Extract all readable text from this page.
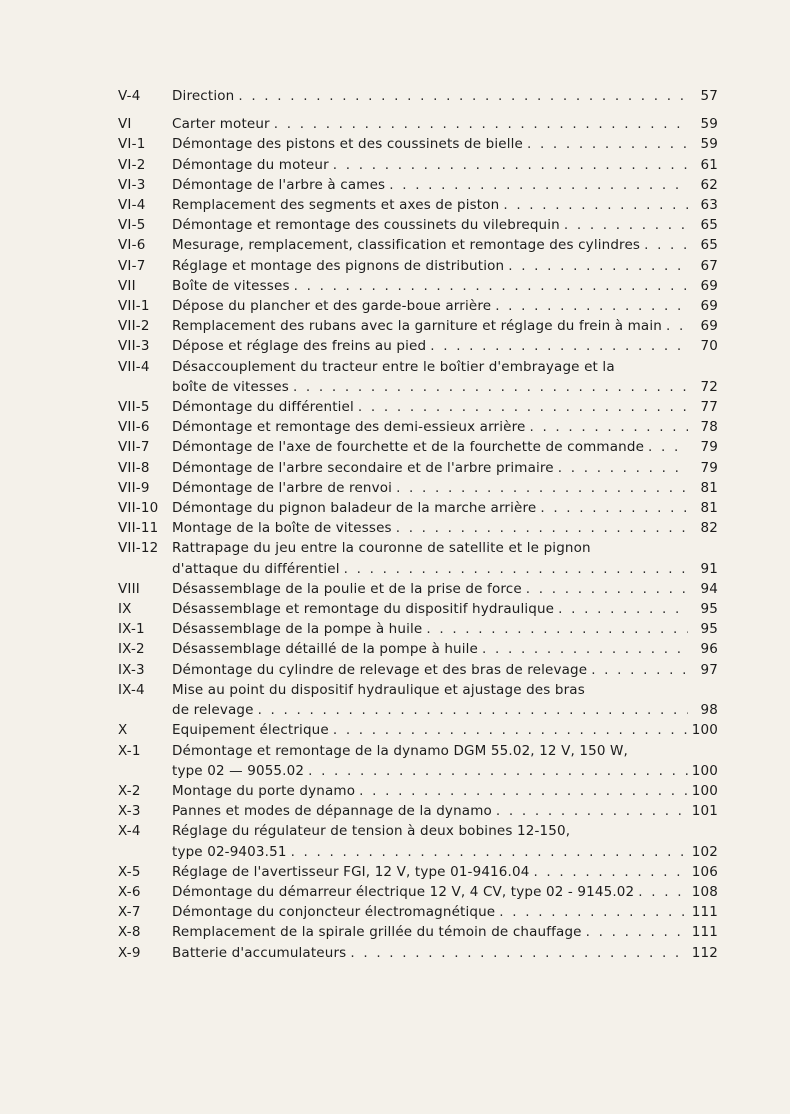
V-4	Direction . . .	57
VI	Carter moteur . . .	59
VI-1	Démontage des pistons et des coussinets de bielle . . .	59
VI-2	Démontage du moteur . . .	61
VI-3	Démontage de l'arbre à cames . . .	62
VI-4	Remplacement des segments et axes de piston . . .	63
VI-5	Démontage et remontage des coussinets du vilebrequin . . .	65
VI-6	Mesurage, remplacement, classification et remontage des cylindres . . .	65
VI-7	Réglage et montage des pignons de distribution . . .	67
VII	Boîte de vitesses . . .	69
VII-1	Dépose du plancher et des garde-boue arrière . . .	69
VII-2	Remplacement des rubans avec la garniture et réglage du frein à main . . .	69
VII-3	Dépose et réglage des freins au pied . . .	70
VII-4	Désaccouplement du tracteur entre le boîtier d'embrayage et la
boîte de vitesses . . .	72
VII-5	Démontage du différentiel . . .	77
VII-6	Démontage et remontage des demi-essieux arrière . . .	78
VII-7	Démontage de l'axe de fourchette et de la fourchette de commande . . .	79
VII-8	Démontage de l'arbre secondaire et de l'arbre primaire . . .	79
VII-9	Démontage de l'arbre de renvoi . . .	81
VII-10	Démontage du pignon baladeur de la marche arrière . . .	81
VII-11	Montage de la boîte de vitesses . . .	82
VII-12	Rattrapage du jeu entre la couronne de satellite et le pignon
d'attaque du différentiel . . .	91
VIII	Désassemblage de la poulie et de la prise de force . . .	94
IX	Désassemblage et remontage du dispositif hydraulique . . .	95
IX-1	Désassemblage de la pompe à huile . . .	95
IX-2	Désassemblage détaillé de la pompe à huile . . .	96
IX-3	Démontage du cylindre de relevage et des bras de relevage . . .	97
IX-4	Mise au point du dispositif hydraulique et ajustage des bras
de relevage . . .	98
X	Equipement électrique . . .	100
X-1	Démontage et remontage de la dynamo DGM 55.02, 12 V, 150 W,
type 02 — 9055.02 . . .	100
X-2	Montage du porte dynamo . . .	100
X-3	Pannes et modes de dépannage de la dynamo . . .	101
X-4	Réglage du régulateur de tension à deux bobines 12-150,
type 02-9403.51 . . .	102
X-5	Réglage de l'avertisseur FGI, 12 V, type 01-9416.04 . . .	106
X-6	Démontage du démarreur électrique 12 V, 4 CV, type 02 - 9145.02 . . .	108
X-7	Démontage du conjoncteur électromagnétique . . .	111
X-8	Remplacement de la spirale grillée du témoin de chauffage . . .	111
X-9	Batterie d'accumulateurs . . .	112
